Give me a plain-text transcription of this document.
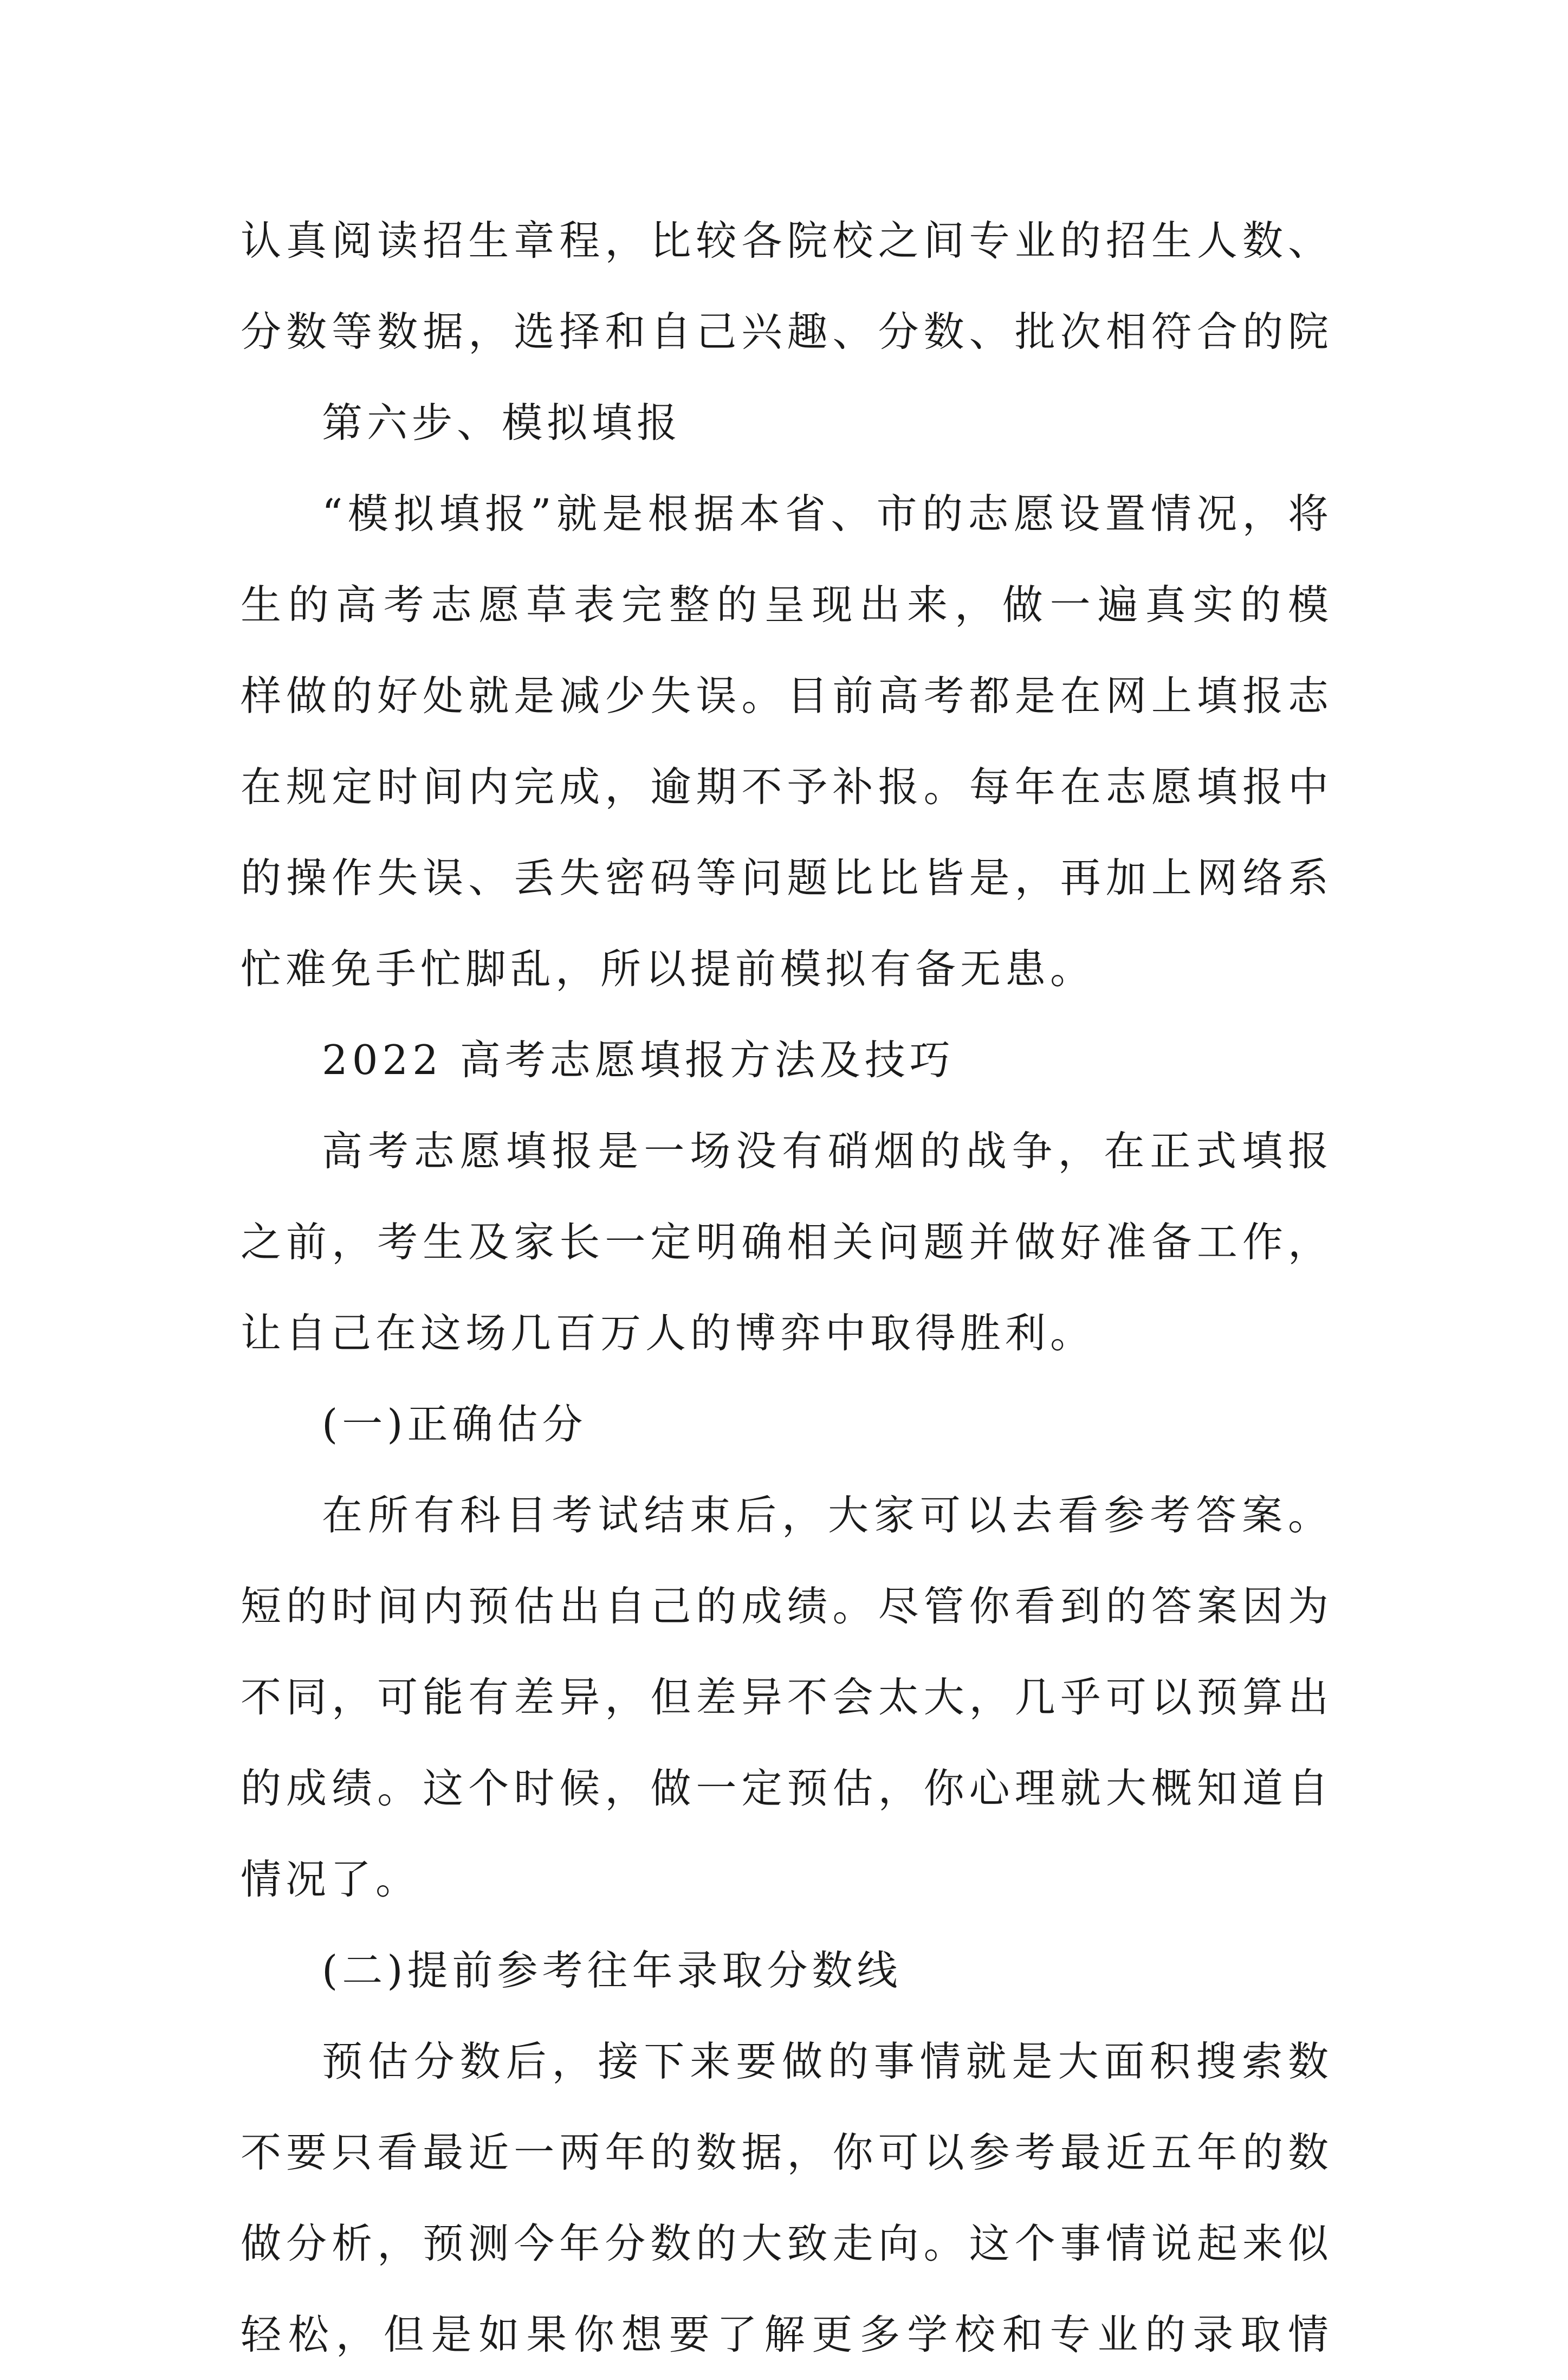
认真阅读招生章程，比较各院校之间专业的招生人数、
分数等数据，选择和自己兴趣、分数、批次相符合的院
第六步、模拟填报
“模拟填报”就是根据本省、市的志愿设置情况，将
生的高考志愿草表完整的呈现出来，做一遍真实的模
样做的好处就是减少失误。目前高考都是在网上填报志
在规定时间内完成，逾期不予补报。每年在志愿填报中
的操作失误、丢失密码等问题比比皆是，再加上网络系
忙难免手忙脚乱，所以提前模拟有备无患。
2022 高考志愿填报方法及技巧
高考志愿填报是一场没有硝烟的战争，在正式填报
之前，考生及家长一定明确相关问题并做好准备工作，
让自己在这场几百万人的博弈中取得胜利。
(一)正确估分
在所有科目考试结束后，大家可以去看参考答案。
短的时间内预估出自己的成绩。尽管你看到的答案因为
不同，可能有差异，但差异不会太大，几乎可以预算出
的成绩。这个时候，做一定预估，你心理就大概知道自
情况了。
(二)提前参考往年录取分数线
预估分数后，接下来要做的事情就是大面积搜索数
不要只看最近一两年的数据，你可以参考最近五年的数
做分析，预测今年分数的大致走向。这个事情说起来似
轻松，但是如果你想要了解更多学校和专业的录取情
